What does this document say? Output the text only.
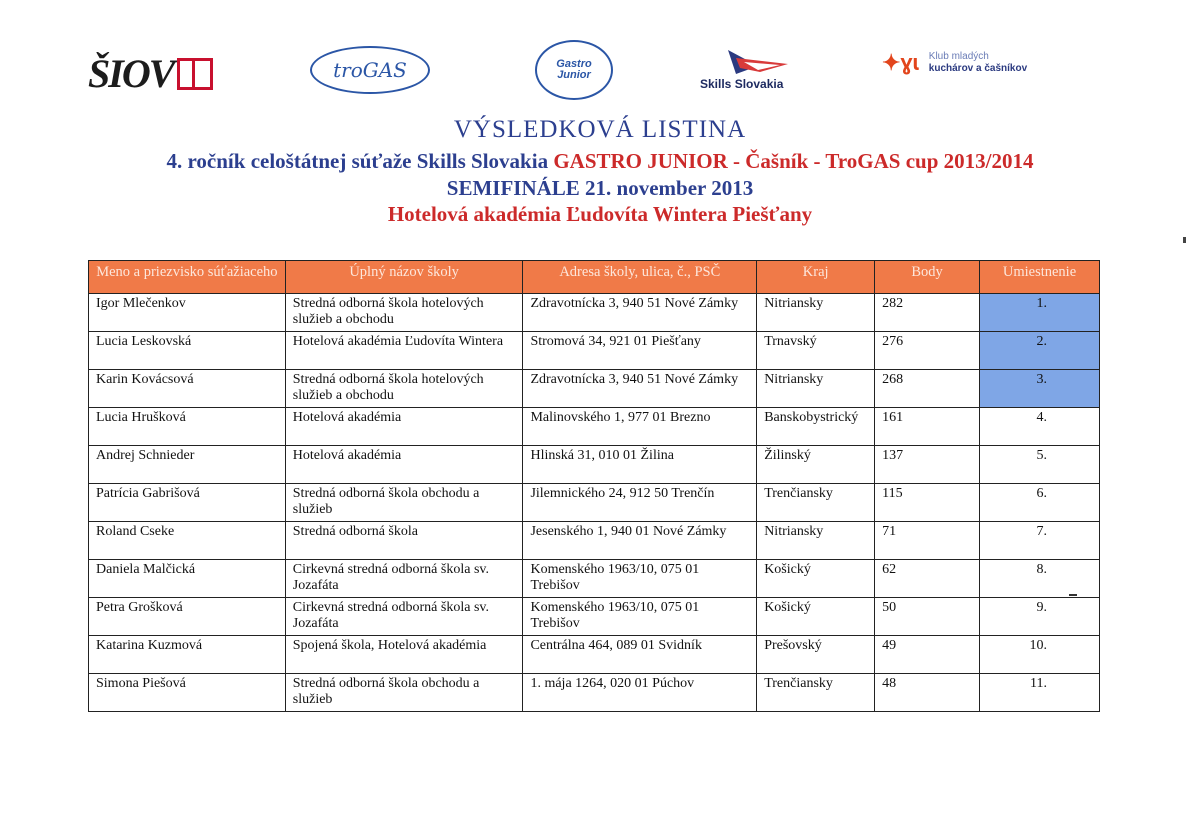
ŠIOV	troGAS	Gastro
Junior
Skills Slovakia
✦ɣɩ Klub mladých
kuchárov a čašníkov
VÝSLEDKOVÁ LISTINA
4. ročník celoštátnej súťaže Skills Slovakia GASTRO JUNIOR - Čašník - TroGAS cup 2013/2014
SEMIFINÁLE 21. november 2013
Hotelová akadémia Ľudovíta Wintera Piešťany
Meno a priezvisko súťažiaceho	Úplný názov školy	Adresa školy, ulica, č., PSČ	Kraj	Body	Umiestnenie
Igor Mlečenkov	Stredná odborná škola hotelových služieb a obchodu	Zdravotnícka 3, 940 51 Nové Zámky	Nitriansky	282	1.
Lucia Leskovská	Hotelová akadémia Ľudovíta Wintera	Stromová 34, 921 01 Piešťany	Trnavský	276	2.
Karin Kovácsová	Stredná odborná škola hotelových služieb a obchodu	Zdravotnícka 3, 940 51 Nové Zámky	Nitriansky	268	3.
Lucia Hrušková	Hotelová akadémia	Malinovského 1, 977 01 Brezno	Banskobystrický	161	4.
Andrej Schnieder	Hotelová akadémia	Hlinská 31, 010 01 Žilina	Žilinský	137	5.
Patrícia Gabrišová	Stredná odborná škola obchodu a služieb	Jilemnického 24, 912 50 Trenčín	Trenčiansky	115	6.
Roland Cseke	Stredná odborná škola	Jesenského 1, 940 01 Nové Zámky	Nitriansky	71	7.
Daniela Malčická	Cirkevná stredná odborná škola sv. Jozafáta	Komenského 1963/10, 075 01 Trebišov	Košický	62	8.
Petra Grošková	Cirkevná stredná odborná škola sv. Jozafáta	Komenského 1963/10, 075 01 Trebišov	Košický	50	9.
Katarina Kuzmová	Spojená škola, Hotelová akadémia	Centrálna 464, 089 01 Svidník	Prešovský	49	10.
Simona Piešová	Stredná odborná škola obchodu a služieb	1. mája 1264, 020 01 Púchov	Trenčiansky	48	11.
